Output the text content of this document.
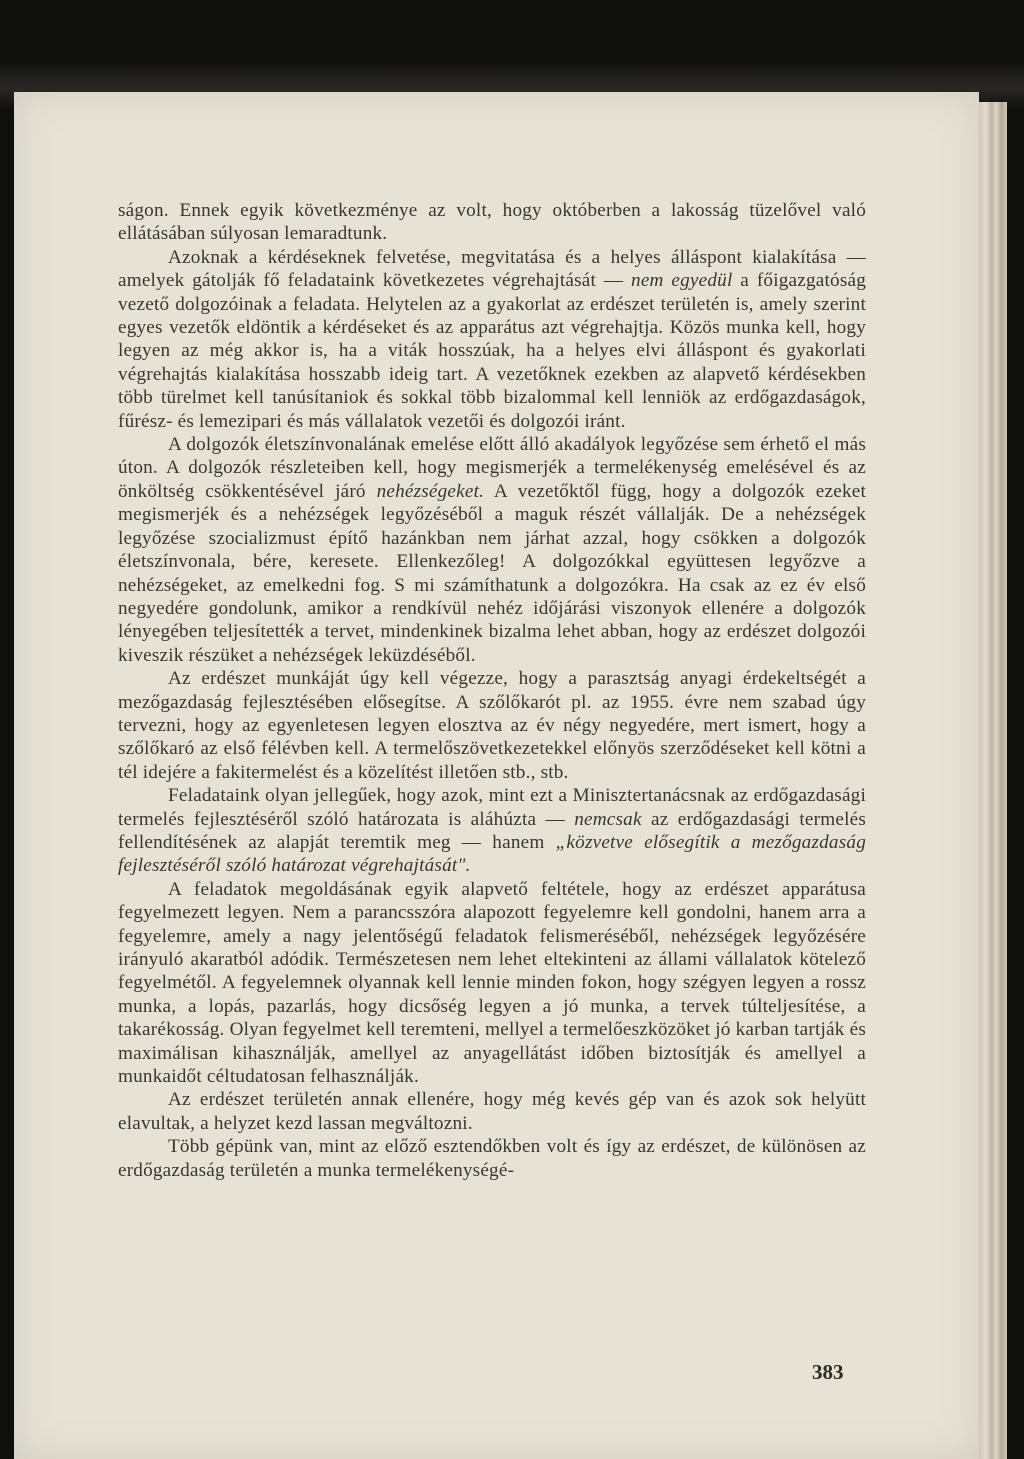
ságon. Ennek egyik következménye az volt, hogy októberben a lakosság tüzelővel való ellátásában súlyosan lemaradtunk.

Azoknak a kérdéseknek felvetése, megvitatása és a helyes álláspont kialakítása — amelyek gátolják fő feladataink következetes végrehajtását — nem egyedül a főigazgatóság vezető dolgozóinak a feladata. Helytelen az a gyakorlat az erdészet területén is, amely szerint egyes vezetők eldöntik a kérdéseket és az apparátus azt végrehajtja. Közös munka kell, hogy legyen az még akkor is, ha a viták hosszúak, ha a helyes elvi álláspont és gyakorlati végrehajtás kialakítása hosszabb ideig tart. A vezetőknek ezekben az alapvető kérdésekben több türelmet kell tanúsítaniok és sokkal több bizalommal kell lenniök az erdőgazdaságok, fűrész- és lemezipari és más vállalatok vezetői és dolgozói iránt.

A dolgozók életszínvonalának emelése előtt álló akadályok legyőzése sem érhető el más úton. A dolgozók részleteiben kell, hogy megismerjék a termelékenység emelésével és az önköltség csökkentésével járó nehézségeket. A vezetőktől függ, hogy a dolgozók ezeket megismerjék és a nehézségek legyőzéséből a maguk részét vállalják. De a nehézségek legyőzése szocializmust építő hazánkban nem járhat azzal, hogy csökken a dolgozók életszínvonala, bére, keresete. Ellenkezőleg! A dolgozókkal együttesen legyőzve a nehézségeket, az emelkedni fog. S mi számíthatunk a dolgozókra. Ha csak az ez év első negyedére gondolunk, amikor a rendkívül nehéz időjárási viszonyok ellenére a dolgozók lényegében teljesítették a tervet, mindenkinek bizalma lehet abban, hogy az erdészet dolgozói kiveszik részüket a nehézségek leküzdéséből.

Az erdészet munkáját úgy kell végezze, hogy a parasztság anyagi érdekeltségét a mezőgazdaság fejlesztésében elősegítse. A szőlőkarót pl. az 1955. évre nem szabad úgy tervezni, hogy az egyenletesen legyen elosztva az év négy negyedére, mert ismert, hogy a szőlőkaró az első félévben kell. A termelőszövetkezetekkel előnyös szerződéseket kell kötni a tél idejére a fakitermelést és a közelítést illetően stb., stb.

Feladataink olyan jellegűek, hogy azok, mint ezt a Minisztertanácsnak az erdőgazdasági termelés fejlesztéséről szóló határozata is aláhúzta — nemcsak az erdőgazdasági termelés fellendítésének az alapját teremtik meg — hanem „közvetve elősegítik a mezőgazdaság fejlesztéséről szóló határozat végrehajtását".

A feladatok megoldásának egyik alapvető feltétele, hogy az erdészet apparátusa fegyelmezett legyen. Nem a parancsszóra alapozott fegyelemre kell gondolni, hanem arra a fegyelemre, amely a nagy jelentőségű feladatok felismeréséből, nehézségek legyőzésére irányuló akaratból adódik. Természetesen nem lehet eltekinteni az állami vállalatok kötelező fegyelmétől. A fegyelemnek olyannak kell lennie minden fokon, hogy szégyen legyen a rossz munka, a lopás, pazarlás, hogy dicsőség legyen a jó munka, a tervek túlteljesítése, a takarékosság. Olyan fegyelmet kell teremteni, mellyel a termelőeszközöket jó karban tartják és maximálisan kihasználják, amellyel az anyagellátást időben biztosítják és amellyel a munkaidőt céltudatosan felhasználják.

Az erdészet területén annak ellenére, hogy még kevés gép van és azok sok helyütt elavultak, a helyzet kezd lassan megváltozni.

Több gépünk van, mint az előző esztendőkben volt és így az erdészet, de különösen az erdőgazdaság területén a munka termelékenységé-

383
